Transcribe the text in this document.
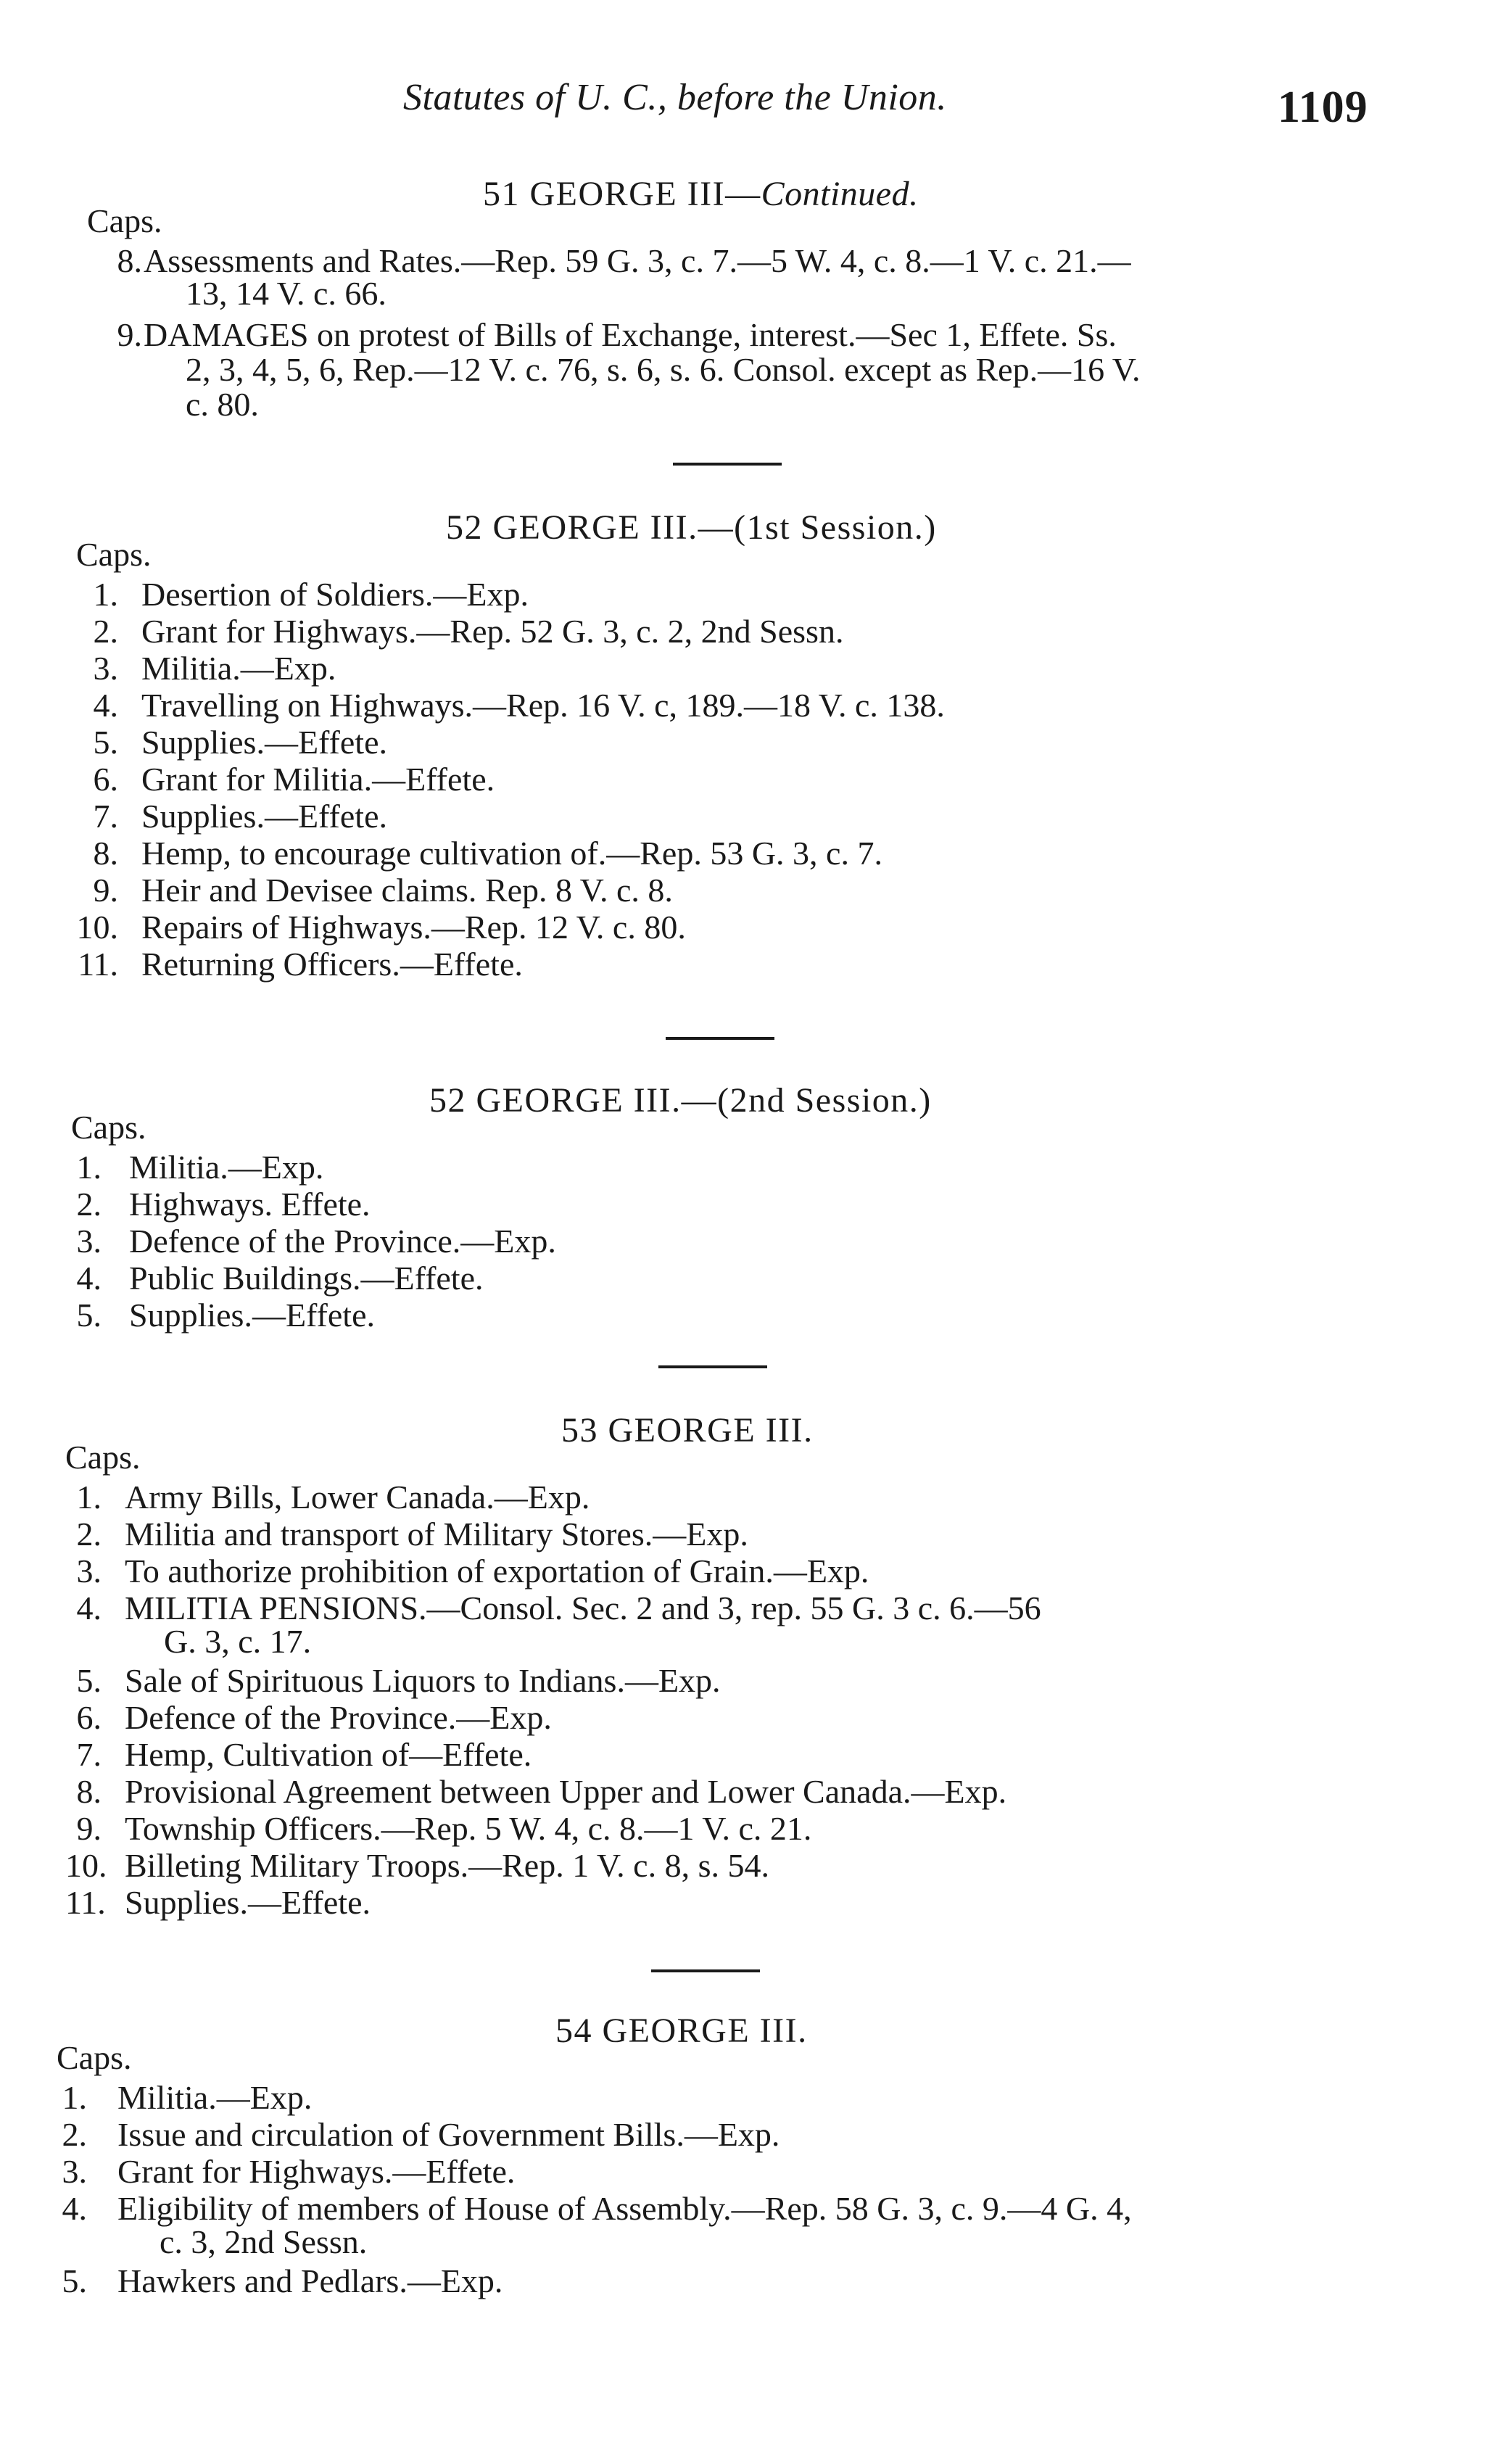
Statutes of U. C., before the Union.	1109
51 GEORGE III—Continued.
Caps.
8. Assessments and Rates.—Rep. 59 G. 3, c. 7.—5 W. 4, c. 8.—1 V. c. 21.—
13, 14 V. c. 66.
9. DAMAGES on protest of Bills of Exchange, interest.—Sec 1, Effete. Ss.
2, 3, 4, 5, 6, Rep.—12 V. c. 76, s. 6, s. 6. Consol. except as Rep.—16 V.
c. 80.
52 GEORGE III.—(1st Session.)
Caps.
1. Desertion of Soldiers.—Exp.
2. Grant for Highways.—Rep. 52 G. 3, c. 2, 2nd Sessn.
3. Militia.—Exp.
4. Travelling on Highways.—Rep. 16 V. c, 189.—18 V. c. 138.
5. Supplies.—Effete.
6. Grant for Militia.—Effete.
7. Supplies.—Effete.
8. Hemp, to encourage cultivation of.—Rep. 53 G. 3, c. 7.
9. Heir and Devisee claims. Rep. 8 V. c. 8.
10. Repairs of Highways.—Rep. 12 V. c. 80.
11. Returning Officers.—Effete.
52 GEORGE III.—(2nd Session.)
Caps.
1. Militia.—Exp.
2. Highways. Effete.
3. Defence of the Province.—Exp.
4. Public Buildings.—Effete.
5. Supplies.—Effete.
53 GEORGE III.
Caps.
1. Army Bills, Lower Canada.—Exp.
2. Militia and transport of Military Stores.—Exp.
3. To authorize prohibition of exportation of Grain.—Exp.
4. MILITIA PENSIONS.—Consol. Sec. 2 and 3, rep. 55 G. 3 c. 6.—56
G. 3, c. 17.
5. Sale of Spirituous Liquors to Indians.—Exp.
6. Defence of the Province.—Exp.
7. Hemp, Cultivation of—Effete.
8. Provisional Agreement between Upper and Lower Canada.—Exp.
9. Township Officers.—Rep. 5 W. 4, c. 8.—1 V. c. 21.
10. Billeting Military Troops.—Rep. 1 V. c. 8, s. 54.
11. Supplies.—Effete.
54 GEORGE III.
Caps.
1. Militia.—Exp.
2. Issue and circulation of Government Bills.—Exp.
3. Grant for Highways.—Effete.
4. Eligibility of members of House of Assembly.—Rep. 58 G. 3, c. 9.—4 G. 4,
c. 3, 2nd Sessn.
5. Hawkers and Pedlars.—Exp.
